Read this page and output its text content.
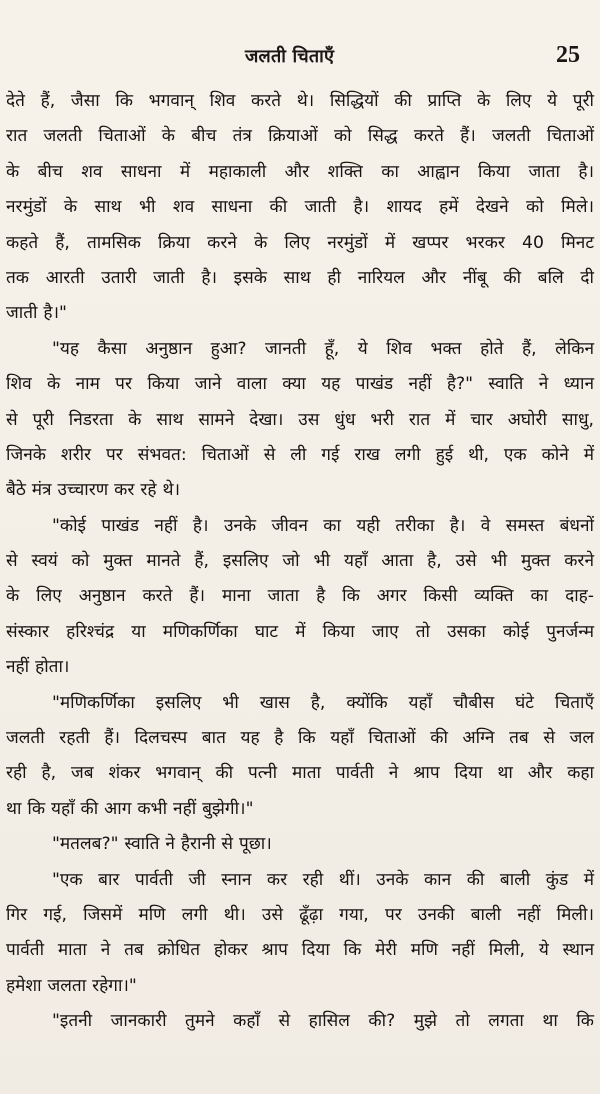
जलती चिताएँ	25
देते हैं, जैसा कि भगवान् शिव करते थे। सिद्धियों की प्राप्ति के लिए ये पूरी
रात जलती चिताओं के बीच तंत्र क्रियाओं को सिद्ध करते हैं। जलती चिताओं
के बीच शव साधना में महाकाली और शक्ति का आह्वान किया जाता है।
नरमुंडों के साथ भी शव साधना की जाती है। शायद हमें देखने को मिले।
कहते हैं, तामसिक क्रिया करने के लिए नरमुंडों में खप्पर भरकर 40 मिनट
तक आरती उतारी जाती है। इसके साथ ही नारियल और नींबू की बलि दी
जाती है।"
"यह कैसा अनुष्ठान हुआ? जानती हूँ, ये शिव भक्त होते हैं, लेकिन
शिव के नाम पर किया जाने वाला क्या यह पाखंड नहीं है?" स्वाति ने ध्यान
से पूरी निडरता के साथ सामने देखा। उस धुंध भरी रात में चार अघोरी साधु,
जिनके शरीर पर संभवत: चिताओं से ली गई राख लगी हुई थी, एक कोने में
बैठे मंत्र उच्चारण कर रहे थे।
"कोई पाखंड नहीं है। उनके जीवन का यही तरीका है। वे समस्त बंधनों
से स्वयं को मुक्त मानते हैं, इसलिए जो भी यहाँ आता है, उसे भी मुक्त करने
के लिए अनुष्ठान करते हैं। माना जाता है कि अगर किसी व्यक्ति का दाह-
संस्कार हरिश्चंद्र या मणिकर्णिका घाट में किया जाए तो उसका कोई पुनर्जन्म
नहीं होता।
"मणिकर्णिका इसलिए भी खास है, क्योंकि यहाँ चौबीस घंटे चिताएँ
जलती रहती हैं। दिलचस्प बात यह है कि यहाँ चिताओं की अग्नि तब से जल
रही है, जब शंकर भगवान् की पत्नी माता पार्वती ने श्राप दिया था और कहा
था कि यहाँ की आग कभी नहीं बुझेगी।"
"मतलब?" स्वाति ने हैरानी से पूछा।
"एक बार पार्वती जी स्नान कर रही थीं। उनके कान की बाली कुंड में
गिर गई, जिसमें मणि लगी थी। उसे ढूँढ़ा गया, पर उनकी बाली नहीं मिली।
पार्वती माता ने तब क्रोधित होकर श्राप दिया कि मेरी मणि नहीं मिली, ये स्थान
हमेशा जलता रहेगा।"
"इतनी जानकारी तुमने कहाँ से हासिल की? मुझे तो लगता था कि
